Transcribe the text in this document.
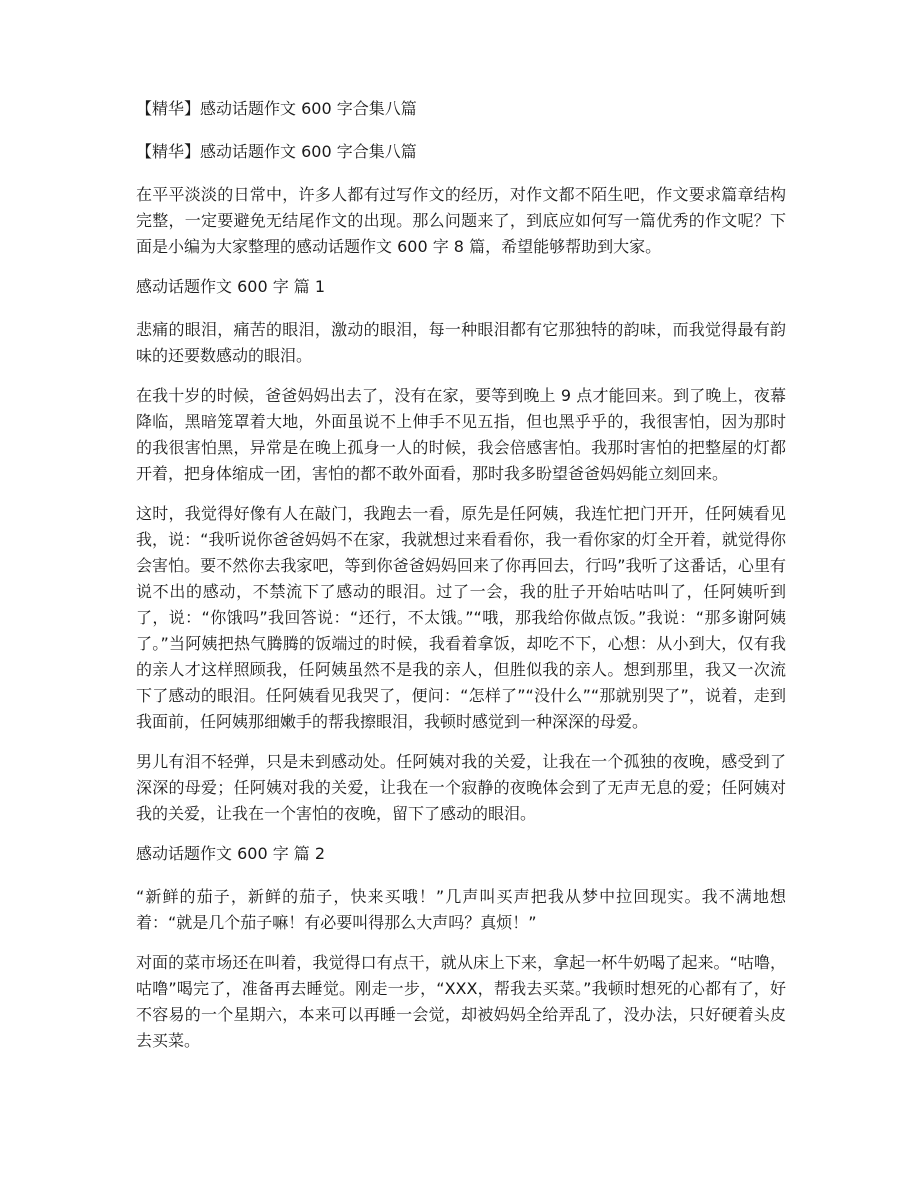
【精华】感动话题作文 600 字合集八篇

【精华】感动话题作文 600 字合集八篇

在平平淡淡的日常中，许多人都有过写作文的经历，对作文都不陌生吧，作文要求篇章结构完整，一定要避免无结尾作文的出现。那么问题来了，到底应如何写一篇优秀的作文呢？下面是小编为大家整理的感动话题作文 600 字 8 篇，希望能够帮助到大家。

感动话题作文 600 字 篇 1

悲痛的眼泪，痛苦的眼泪，激动的眼泪，每一种眼泪都有它那独特的韵味，而我觉得最有韵味的还要数感动的眼泪。

在我十岁的时候，爸爸妈妈出去了，没有在家，要等到晚上 9 点才能回来。到了晚上，夜幕降临，黑暗笼罩着大地，外面虽说不上伸手不见五指，但也黑乎乎的，我很害怕，因为那时的我很害怕黑，异常是在晚上孤身一人的时候，我会倍感害怕。我那时害怕的把整屋的灯都开着，把身体缩成一团，害怕的都不敢外面看，那时我多盼望爸爸妈妈能立刻回来。

这时，我觉得好像有人在敲门，我跑去一看，原先是任阿姨，我连忙把门开开，任阿姨看见我，说：“我听说你爸爸妈妈不在家，我就想过来看看你，我一看你家的灯全开着，就觉得你会害怕。要不然你去我家吧，等到你爸爸妈妈回来了你再回去，行吗”我听了这番话，心里有说不出的感动，不禁流下了感动的眼泪。过了一会，我的肚子开始咕咕叫了，任阿姨听到了，说：“你饿吗”我回答说：“还行，不太饿。”“哦，那我给你做点饭。”我说：“那多谢阿姨了。”当阿姨把热气腾腾的饭端过的时候，我看着拿饭，却吃不下，心想：从小到大，仅有我的亲人才这样照顾我，任阿姨虽然不是我的亲人，但胜似我的亲人。想到那里，我又一次流下了感动的眼泪。任阿姨看见我哭了，便问：“怎样了”“没什么”“那就别哭了”，说着，走到我面前，任阿姨那细嫩手的帮我擦眼泪，我顿时感觉到一种深深的母爱。

男儿有泪不轻弹，只是未到感动处。任阿姨对我的关爱，让我在一个孤独的夜晚，感受到了深深的母爱；任阿姨对我的关爱，让我在一个寂静的夜晚体会到了无声无息的爱；任阿姨对我的关爱，让我在一个害怕的夜晚，留下了感动的眼泪。

感动话题作文 600 字 篇 2

“新鲜的茄子，新鲜的茄子，快来买哦！”几声叫买声把我从梦中拉回现实。我不满地想着：“就是几个茄子嘛！有必要叫得那么大声吗？真烦！”

对面的菜市场还在叫着，我觉得口有点干，就从床上下来，拿起一杯牛奶喝了起来。“咕噜，咕噜”喝完了，准备再去睡觉。刚走一步，“XXX，帮我去买菜。”我顿时想死的心都有了，好不容易的一个星期六，本来可以再睡一会觉，却被妈妈全给弄乱了，没办法，只好硬着头皮去买菜。
